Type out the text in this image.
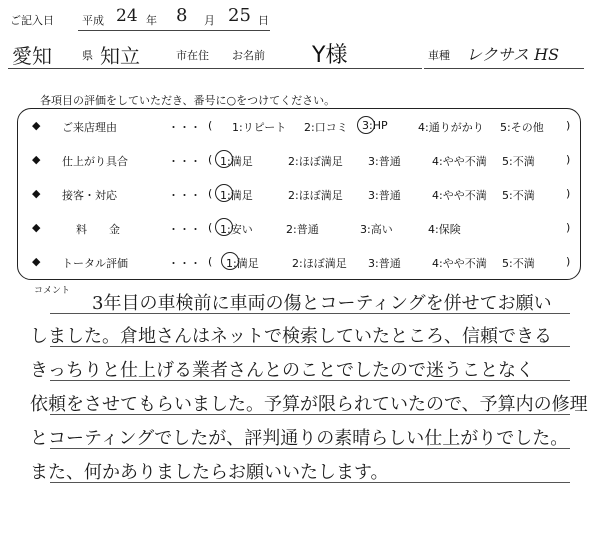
ご記入日	平成 24 年 8 月 25 日
愛知	県 知立	市在住 お名前 Y様	車種 レクサス HS
各項目の評価をしていただき、番号に○をつけてください。
◆ ご来店理由	・・・ ( 1:リピート 2:口コミ 3:HP	4:通りがかり 5:その他 )
◆ 仕上がり具合	・・・ ( 1:満足	2:ほぼ満足 3:普通	4:やや不満 5:不満	)
◆ 接客・対応	・・・ ( 1:満足	2:ほぼ満足 3:普通	4:やや不満 5:不満	)
◆	料　　金	・・・ ( 1:安い	2:普通	3:高い	4:保険	)
◆ トータル評価	・・・ ( 1:満足	2:ほぼ満足 3:普通	4:やや不満 5:不満	)
コメント
3年目の車検前に車両の傷とコーティングを併せてお願い
しました。倉地さんはネットで検索していたところ、信頼できる
きっちりと仕上げる業者さんとのことでしたので迷うことなく
依頼をさせてもらいました。予算が限られていたので、予算内の修理
とコーティングでしたが、評判通りの素晴らしい仕上がりでした。
また、何かありましたらお願いいたします。
